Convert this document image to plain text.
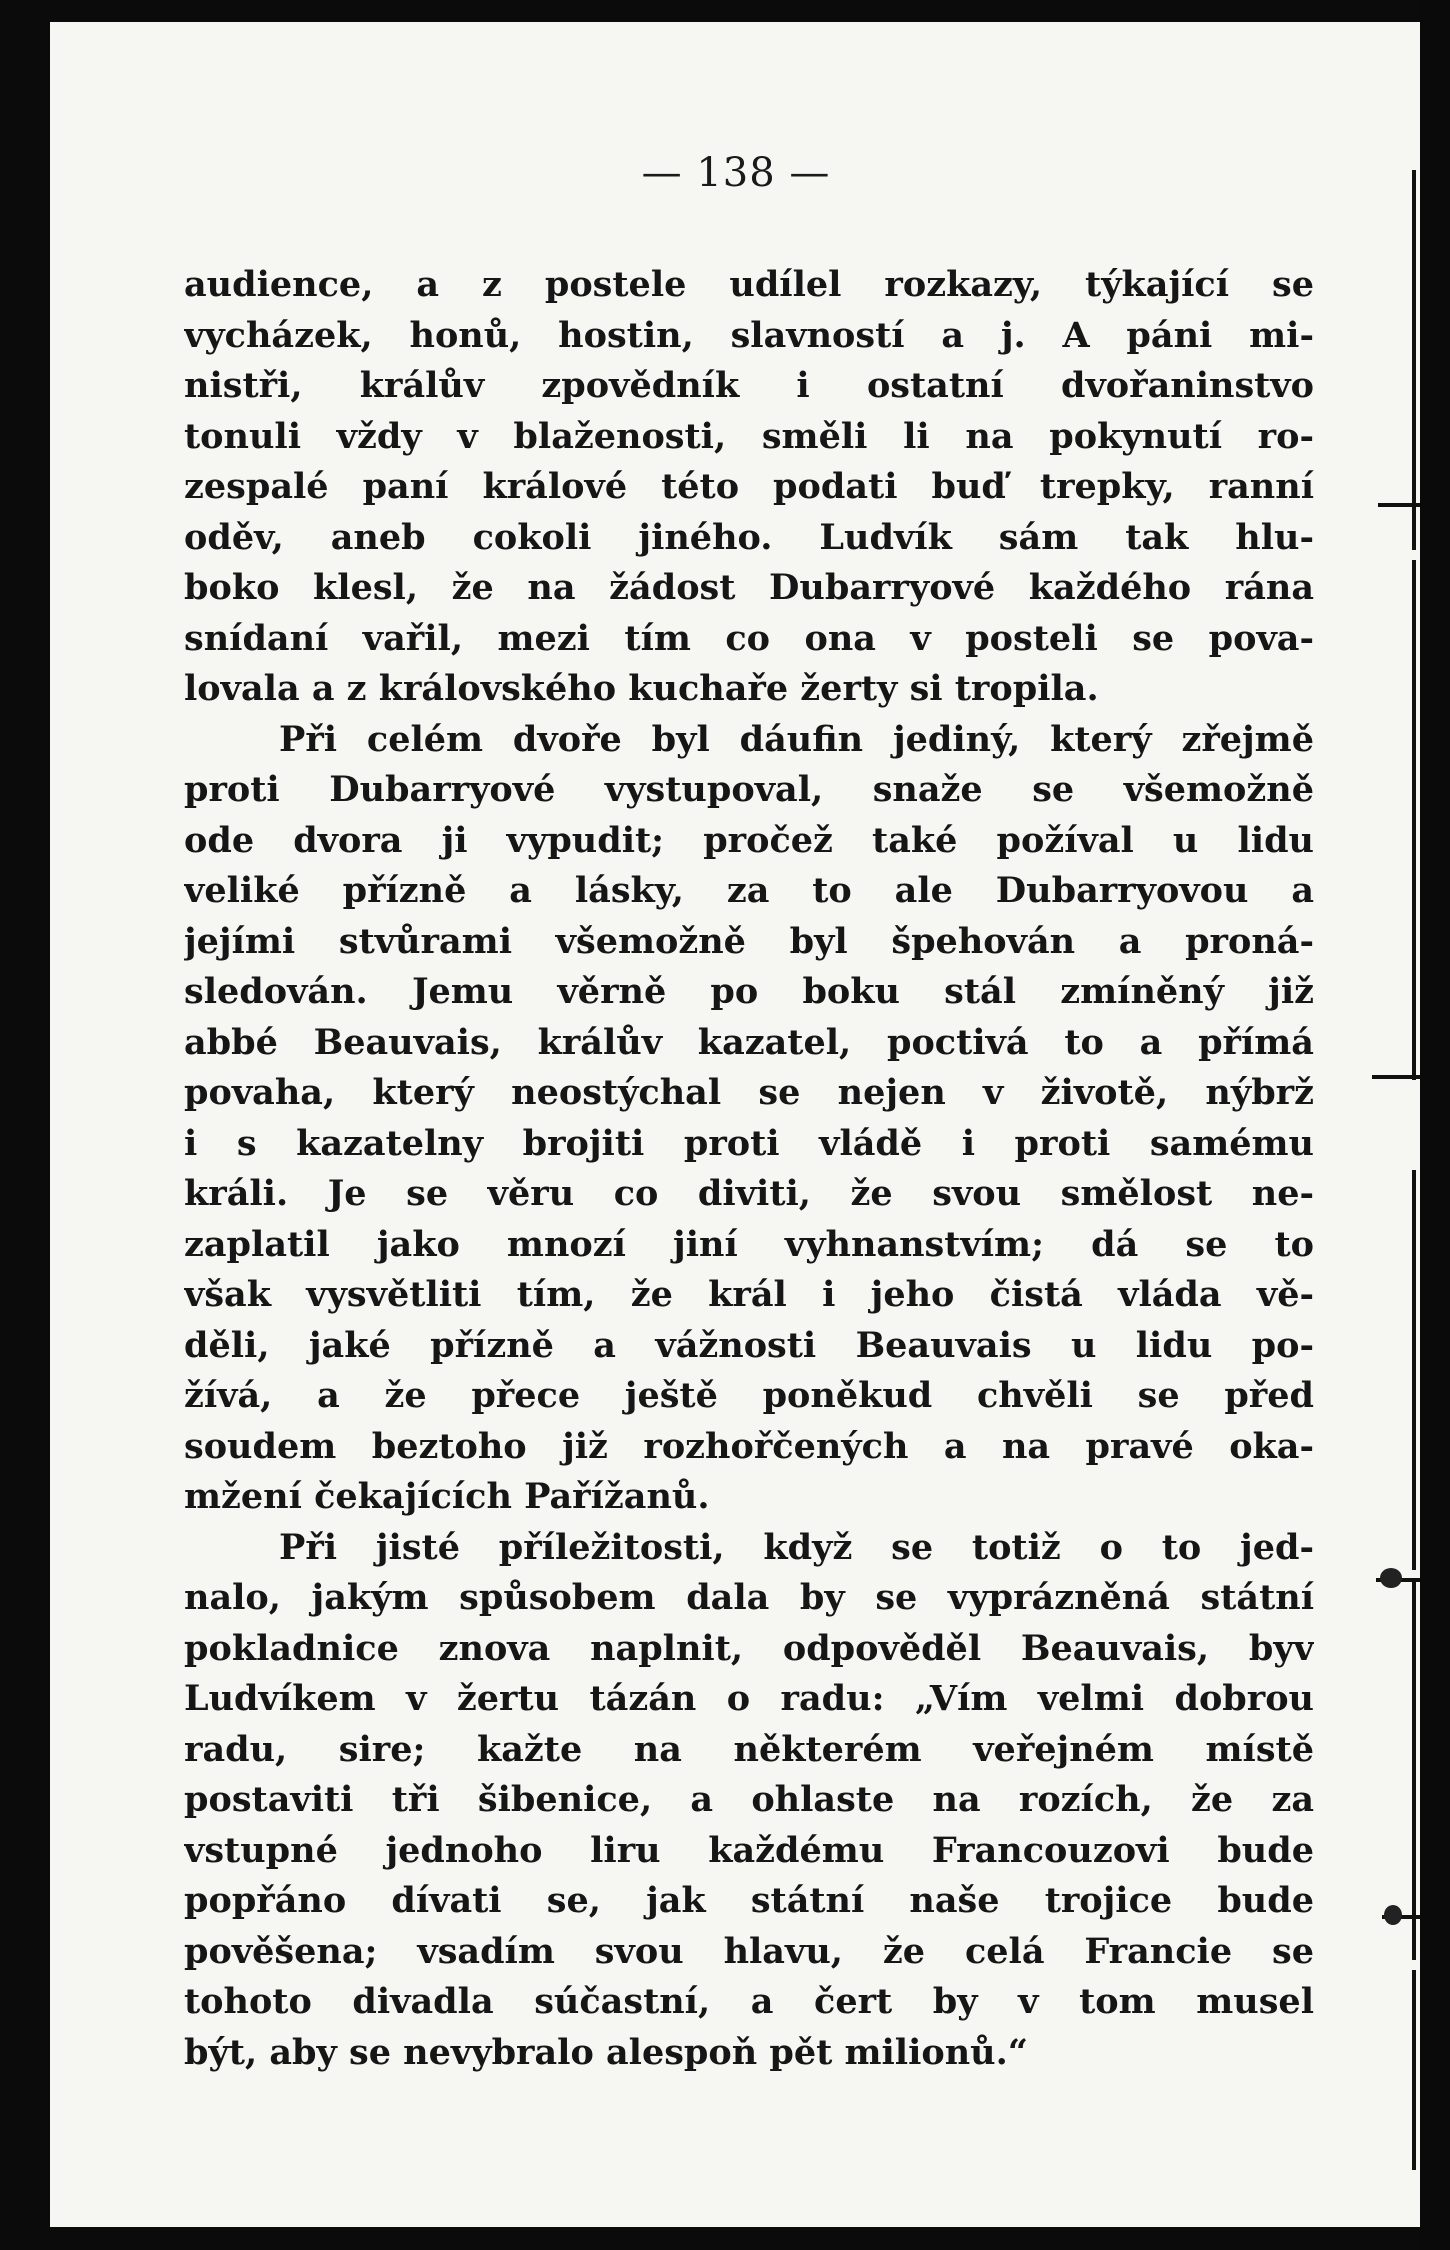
— 138 —
audience, a z postele udílel rozkazy, týkající se
vycházek, honů, hostin, slavností a j. A páni mi-
nistři, králův zpovědník i ostatní dvořaninstvo
tonuli vždy v blaženosti, směli li na pokynutí ro-
zespalé paní králové této podati buď trepky, ranní
oděv, aneb cokoli jiného. Ludvík sám tak hlu-
boko klesl, že na žádost Dubarryové každého rána
snídaní vařil, mezi tím co ona v posteli se pova-
lovala a z královského kuchaře žerty si tropila.
Při celém dvoře byl dáufin jediný, který zřejmě
proti Dubarryové vystupoval, snaže se všemožně
ode dvora ji vypudit; pročež také požíval u lidu
veliké přízně a lásky, za to ale Dubarryovou a
jejími stvůrami všemožně byl špehován a proná-
sledován. Jemu věrně po boku stál zmíněný již
abbé Beauvais, králův kazatel, poctivá to a přímá
povaha, který neostýchal se nejen v životě, nýbrž
i s kazatelny brojiti proti vládě i proti samému
králi. Je se věru co diviti, že svou smělost ne-
zaplatil jako mnozí jiní vyhnanstvím; dá se to
však vysvětliti tím, že král i jeho čistá vláda vě-
děli, jaké přízně a vážnosti Beauvais u lidu po-
žívá, a že přece ještě poněkud chvěli se před
soudem beztoho již rozhořčených a na pravé oka-
mžení čekajících Pařížanů.
Při jisté příležitosti, když se totiž o to jed-
nalo, jakým spůsobem dala by se vyprázněná státní
pokladnice znova naplnit, odpověděl Beauvais, byv
Ludvíkem v žertu tázán o radu: „Vím velmi dobrou
radu, sire; kažte na některém veřejném místě
postaviti tři šibenice, a ohlaste na rozích, že za
vstupné jednoho liru každému Francouzovi bude
popřáno dívati se, jak státní naše trojice bude
pověšena; vsadím svou hlavu, že celá Francie se
tohoto divadla súčastní, a čert by v tom musel
být, aby se nevybralo alespoň pět milionů.“
